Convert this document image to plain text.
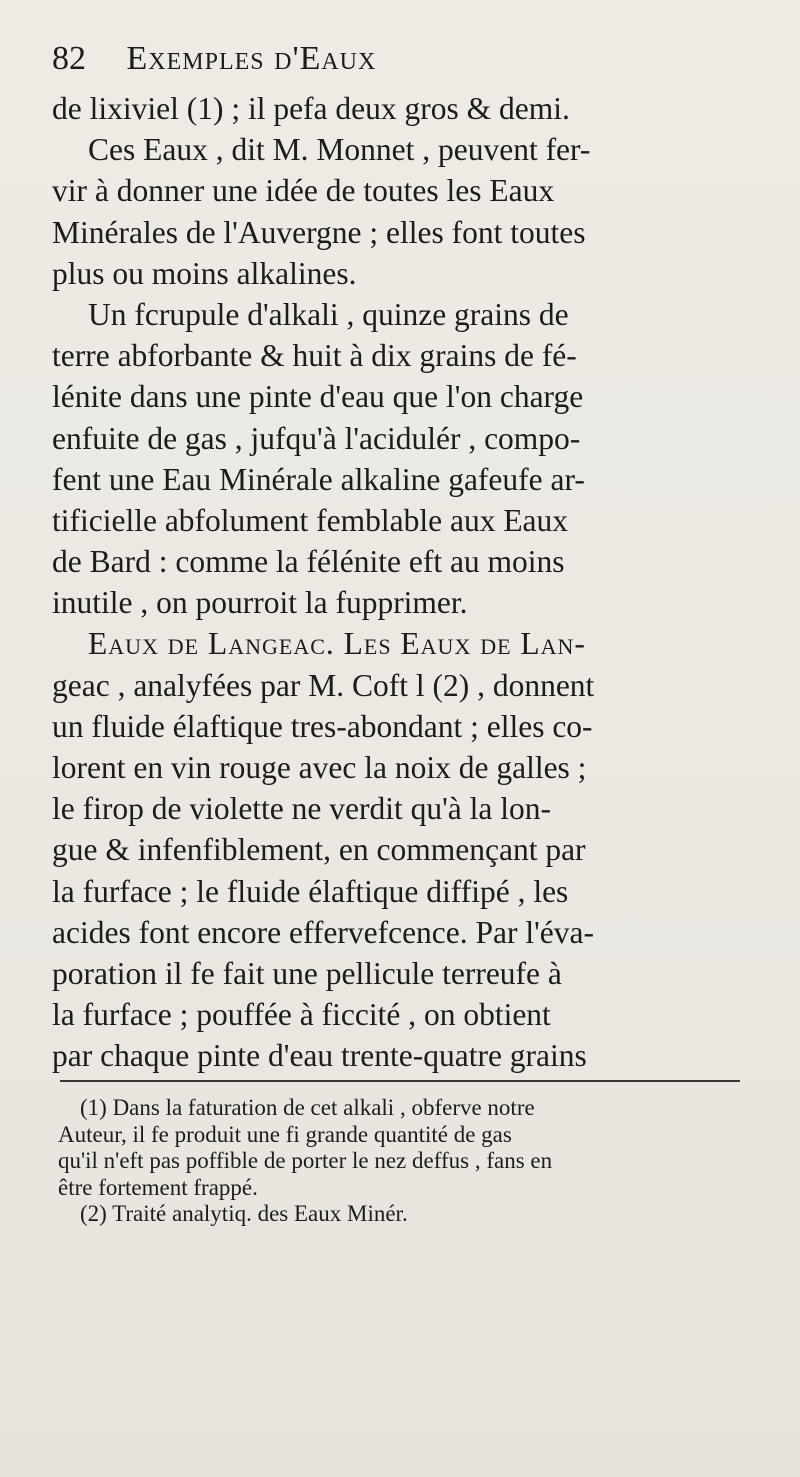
82 Exemples d'Eaux
de lixiviel (1) ; il pefa deux gros & demi.
Ces Eaux , dit M. Monnet , peuvent fer-
vir à donner une idée de toutes les Eaux
Minérales de l'Auvergne ; elles font toutes
plus ou moins alkalines.
Un fcrupule d'alkali , quinze grains de
terre abforbante & huit à dix grains de fé-
lénite dans une pinte d'eau que l'on charge
enfuite de gas , jufqu'à l'acidulér , compo-
fent une Eau Minérale alkaline gafeufe ar-
tificielle abfolument femblable aux Eaux
de Bard : comme la félénite eft au moins
inutile , on pourroit la fupprimer.
Eaux de Langeac. Les Eaux de Lan-
geac , analyfées par M. Coft l (2) , donnent
un fluide élaftique tres-abondant ; elles co-
lorent en vin rouge avec la noix de galles ;
le firop de violette ne verdit qu'à la lon-
gue & infenfiblement, en commençant par
la furface ; le fluide élaftique diffipé , les
acides font encore effervefcence. Par l'éva-
poration il fe fait une pellicule terreufe à
la furface ; pouffée à ficcité , on obtient
par chaque pinte d'eau trente-quatre grains
(1) Dans la faturation de cet alkali , obferve notre
Auteur, il fe produit une fi grande quantité de gas
qu'il n'eft pas poffible de porter le nez deffus , fans en
être fortement frappé.
(2) Traité analytiq. des Eaux Minér.
